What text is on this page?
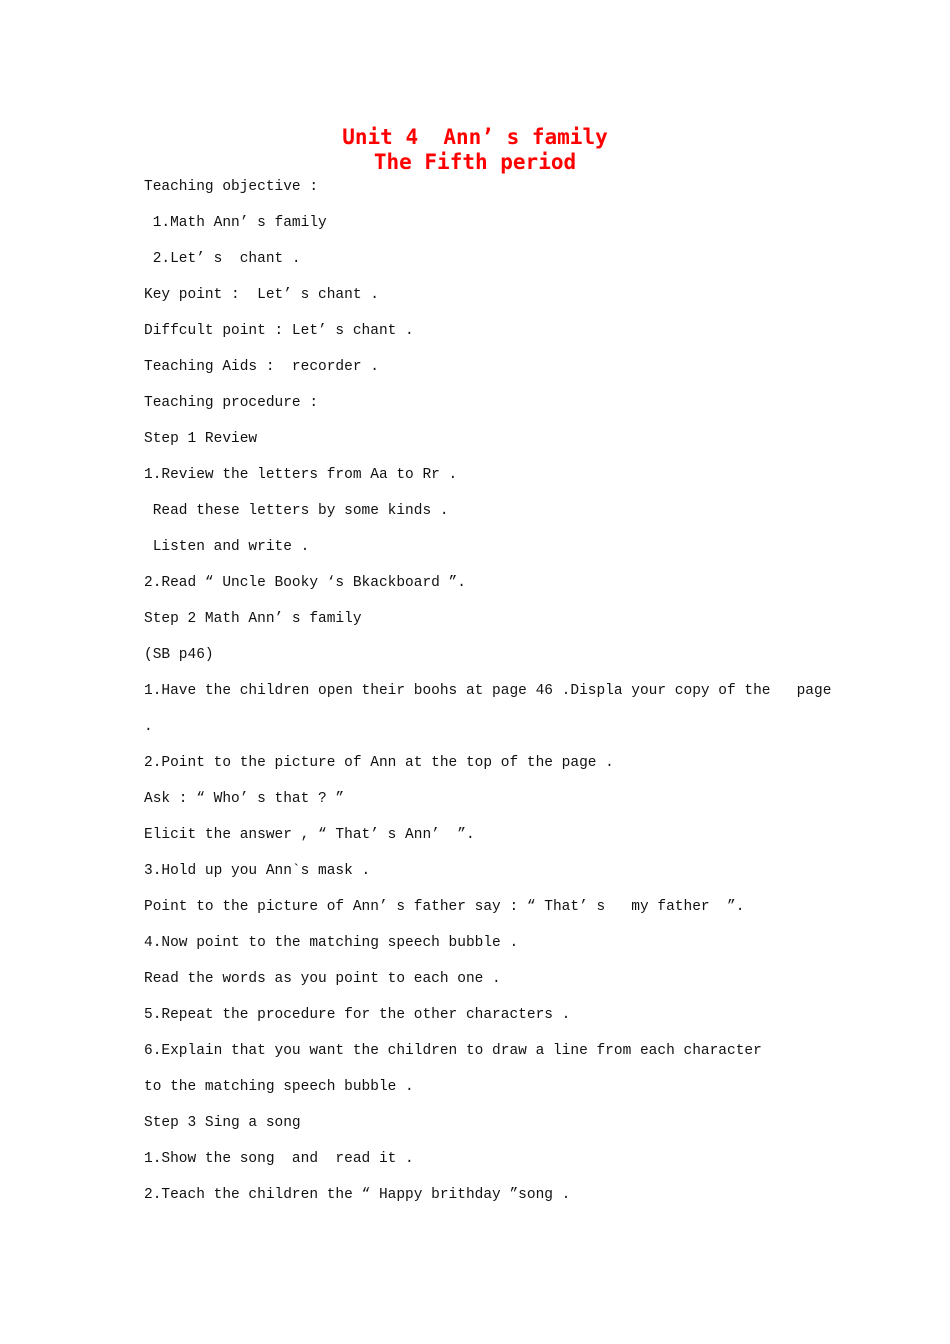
Unit 4  Ann’ s family
The Fifth period
Teaching objective :
1.Math Ann’ s family
2.Let’ s  chant .
Key point :  Let’ s chant .
Diffcult point : Let’ s chant .
Teaching Aids :  recorder .
Teaching procedure :
Step 1 Review
1.Review the letters from Aa to Rr .
Read these letters by some kinds .
Listen and write .
2.Read “ Uncle Booky ‘s Bkackboard ”.
Step 2 Math Ann’ s family
(SB p46)
1.Have the children open their boohs at page 46 .Displa your copy of the   page
.
2.Point to the picture of Ann at the top of the page .
Ask : “ Who’ s that ? ”
Elicit the answer , “ That’ s Ann’  ”.
3.Hold up you Ann`s mask .
Point to the picture of Ann’ s father say : “ That’ s   my father  ”.
4.Now point to the matching speech bubble .
Read the words as you point to each one .
5.Repeat the procedure for the other characters .
6.Explain that you want the children to draw a line from each character
to the matching speech bubble .
Step 3 Sing a song
1.Show the song  and  read it .
2.Teach the children the “ Happy brithday ”song .
